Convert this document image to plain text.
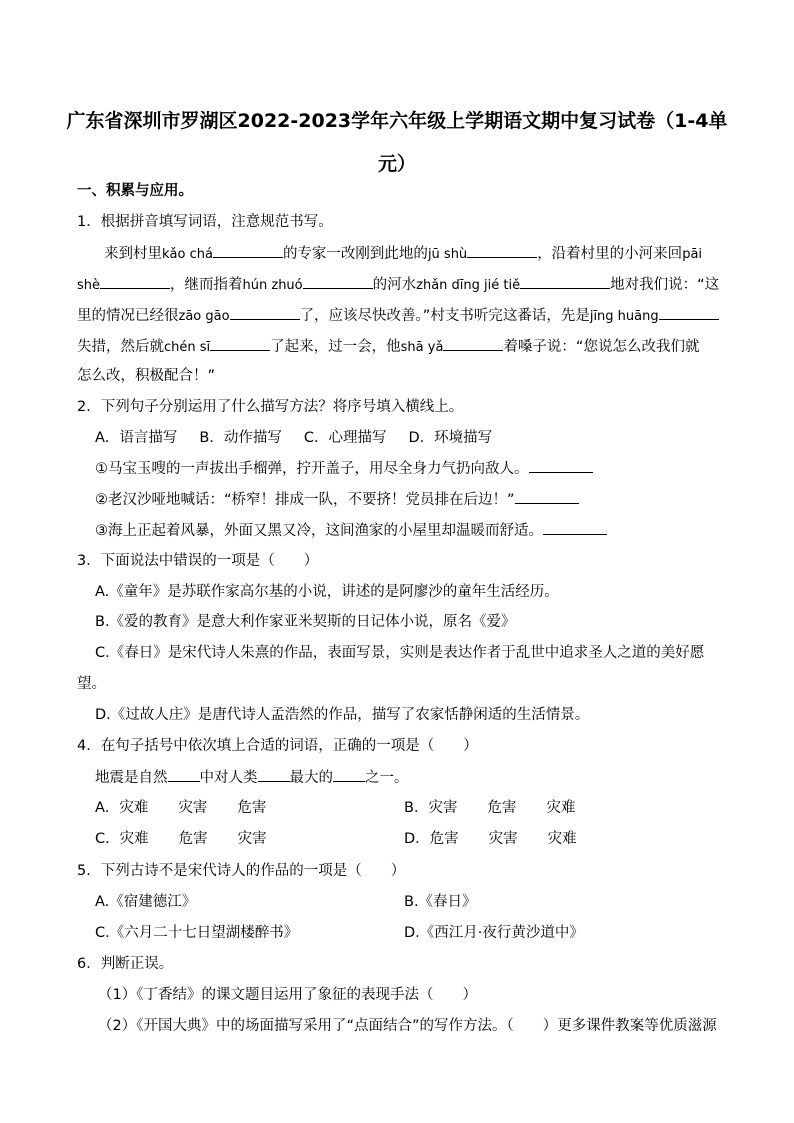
广东省深圳市罗湖区2022-2023学年六年级上学期语文期中复习试卷（1-4单
元）
一、积累与应用。
1．根据拼音填写词语，注意规范书写。
来到村里kǎo chá	的专家一改刚到此地的jū shù	，沿着村里的小河来回pāi
shè	，继而指着hún zhuó	的河水zhǎn dīng jié tiě	地对我们说：“这
里的情况已经很zāo gāo	了，应该尽快改善。”村支书听完这番话，先是jīng huāng
失措，然后就chén sī	了起来，过一会，他shā yǎ	着嗓子说：“您说怎么改我们就
怎么改，积极配合！”
2．下列句子分别运用了什么描写方法？将序号填入横线上。
A．语言描写 B．动作描写 C．心理描写 D．环境描写
①马宝玉嗖的一声拔出手榴弹，拧开盖子，用尽全身力气扔向敌人。
②老汉沙哑地喊话：“桥窄！排成一队，不要挤！党员排在后边！”
③海上正起着风暴，外面又黑又冷，这间渔家的小屋里却温暖而舒适。
3．下面说法中错误的一项是（　　）
A.《童年》是苏联作家高尔基的小说，讲述的是阿廖沙的童年生活经历。
B.《爱的教育》是意大利作家亚米契斯的日记体小说，原名《爱》
C.《春日》是宋代诗人朱熹的作品，表面写景，实则是表达作者于乱世中追求圣人之道的美好愿
望。
D.《过故人庄》是唐代诗人孟浩然的作品，描写了农家恬静闲适的生活情景。
4．在句子括号中依次填上合适的词语，正确的一项是（　　）
地震是自然 中对人类 最大的 之一。
A．灾难 灾害 危害	B．灾害 危害 灾难
C．灾难 危害 灾害	D．危害 灾害 灾难
5．下列古诗不是宋代诗人的作品的一项是（　　）
A.《宿建德江》	B.《春日》
C.《六月二十七日望湖楼醉书》	D.《西江月·夜行黄沙道中》
6．判断正误。
（1）《丁香结》的课文题目运用了象征的表现手法（　　）
（2）《开国大典》中的场面描写采用了“点面结合”的写作方法。（　　）更多课件教案等优质滋源
